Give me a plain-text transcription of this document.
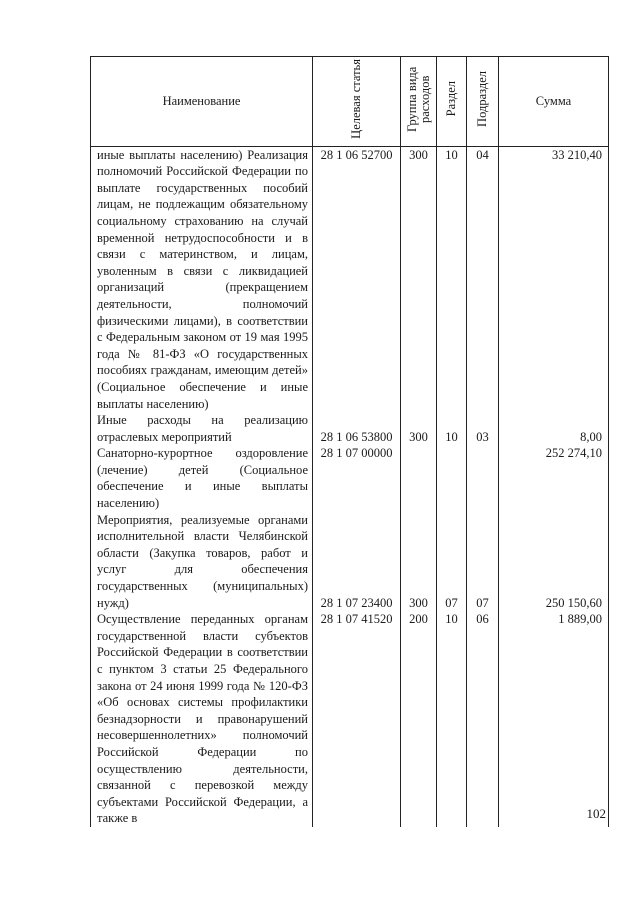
Наименование	Целевая статья	Группа вида расходов	Раздел	Подраздел	Сумма
иные выплаты населению) Реализация полномочий Российской Федерации по выплате государственных пособий лицам, не подлежащим обязательному социальному страхованию на случай временной нетрудоспособности и в связи с материнством, и лицам, уволенным в связи с ликвидацией организаций (прекращением деятельности, полномочий физическими лицами), в соответствии с Федеральным законом от 19 мая 1995 года № 81-ФЗ «О государственных пособиях гражданам, имеющим детей» (Социальное обеспечение и иные выплаты населению)	28 1 06 52700	300	10	04	33 210,40

Иные расходы на реализацию отраслевых мероприятий	28 1 06 53800	300	10	03	8,00

Санаторно-курортное оздоровление (лечение) детей (Социальное обеспечение и иные выплаты населению)	28 1 07 00000				252 274,10

Мероприятия, реализуемые органами исполнительной власти Челябинской области (Закупка товаров, работ и услуг для обеспечения государственных (муниципальных) нужд)	28 1 07 23400	300	07	07	250 150,60

Осуществление переданных органам государственной власти субъектов Российской Федерации в соответствии с пунктом 3 статьи 25 Федерального закона от 24 июня 1999 года № 120-ФЗ «Об основах системы профилактики безнадзорности и правонарушений несовершеннолетних» полномочий Российской Федерации по осуществлению деятельности, связанной с перевозкой между субъектами Российской Федерации, а также в	28 1 07 41520	200	10	06	1 889,00
102
